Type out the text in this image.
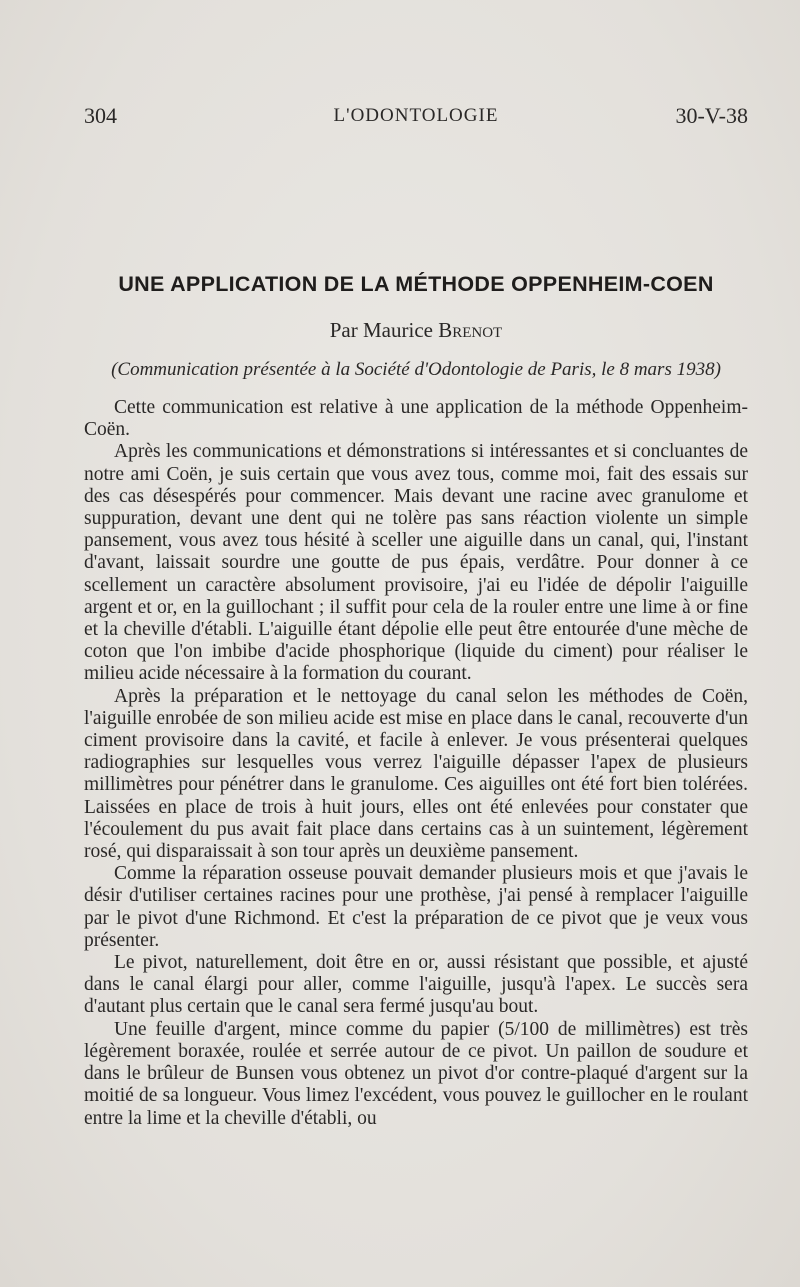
304	L'ODONTOLOGIE	30-V-38
UNE APPLICATION DE LA MÉTHODE OPPENHEIM-COEN
Par Maurice Brenot
(Communication présentée à la Société d'Odontologie de Paris, le 8 mars 1938)

Cette communication est relative à une application de la méthode Oppenheim-Coën.

Après les communications et démonstrations si intéressantes et si concluantes de notre ami Coën, je suis certain que vous avez tous, comme moi, fait des essais sur des cas désespérés pour commencer. Mais devant une racine avec granulome et suppuration, devant une dent qui ne tolère pas sans réaction violente un simple pansement, vous avez tous hésité à sceller une aiguille dans un canal, qui, l'instant d'avant, laissait sourdre une goutte de pus épais, verdâtre. Pour donner à ce scellement un caractère absolument provisoire, j'ai eu l'idée de dépolir l'aiguille argent et or, en la guillochant ; il suffit pour cela de la rouler entre une lime à or fine et la cheville d'établi. L'aiguille étant dépolie elle peut être entourée d'une mèche de coton que l'on imbibe d'acide phosphorique (liquide du ciment) pour réaliser le milieu acide nécessaire à la formation du courant.

Après la préparation et le nettoyage du canal selon les méthodes de Coën, l'aiguille enrobée de son milieu acide est mise en place dans le canal, recouverte d'un ciment provisoire dans la cavité, et facile à enlever. Je vous présenterai quelques radiographies sur lesquelles vous verrez l'aiguille dépasser l'apex de plusieurs millimètres pour pénétrer dans le granulome. Ces aiguilles ont été fort bien tolérées. Laissées en place de trois à huit jours, elles ont été enlevées pour constater que l'écoulement du pus avait fait place dans certains cas à un suintement, légèrement rosé, qui disparaissait à son tour après un deuxième pansement.

Comme la réparation osseuse pouvait demander plusieurs mois et que j'avais le désir d'utiliser certaines racines pour une prothèse, j'ai pensé à remplacer l'aiguille par le pivot d'une Richmond. Et c'est la préparation de ce pivot que je veux vous présenter.

Le pivot, naturellement, doit être en or, aussi résistant que possible, et ajusté dans le canal élargi pour aller, comme l'aiguille, jusqu'à l'apex. Le succès sera d'autant plus certain que le canal sera fermé jusqu'au bout.

Une feuille d'argent, mince comme du papier (5/100 de millimètres) est très légèrement boraxée, roulée et serrée autour de ce pivot. Un paillon de soudure et dans le brûleur de Bunsen vous obtenez un pivot d'or contre-plaqué d'argent sur la moitié de sa longueur. Vous limez l'excédent, vous pouvez le guillocher en le roulant entre la lime et la cheville d'établi, ou
